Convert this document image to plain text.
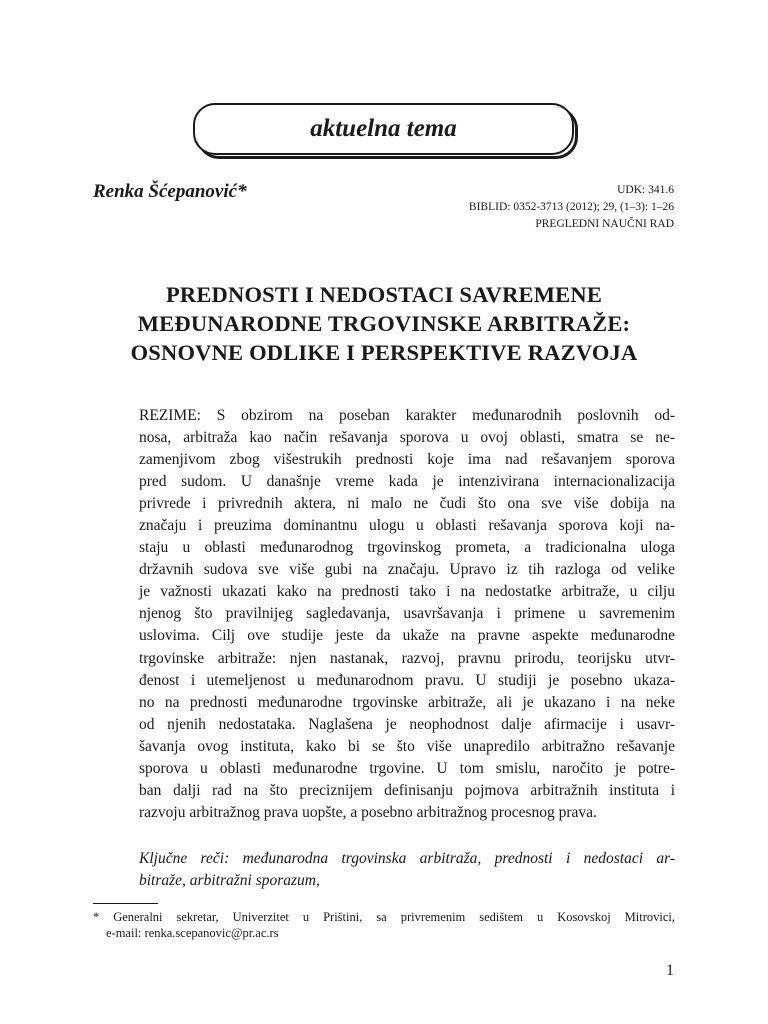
aktuelna tema
Renka Šćepanović*	UDK: 341.6
BIBLID: 0352-3713 (2012); 29, (1–3): 1–26
PREGLEDNI NAUČNI RAD
PREDNOSTI I NEDOSTACI SAVREMENE
MEĐUNARODNE TRGOVINSKE ARBITRAŽE:
OSNOVNE ODLIKE I PERSPEKTIVE RAZVOJA
REZIME: S obzirom na poseban karakter međunarodnih poslovnih od-
nosa, arbitraža kao način rešavanja sporova u ovoj oblasti, smatra se ne-
zamenjivom zbog višestrukih prednosti koje ima nad rešavanjem sporova
pred sudom. U današnje vreme kada je intenzivirana internacionalizacija
privrede i privrednih aktera, ni malo ne čudi što ona sve više dobija na
značaju i preuzima dominantnu ulogu u oblasti rešavanja sporova koji na-
staju u oblasti međunarodnog trgovinskog prometa, a tradicionalna uloga
državnih sudova sve više gubi na značaju. Upravo iz tih razloga od velike
je važnosti ukazati kako na prednosti tako i na nedostatke arbitraže, u cilju
njenog što pravilnijeg sagledavanja, usavršavanja i primene u savremenim
uslovima. Cilj ove studije jeste da ukaže na pravne aspekte međunarodne
trgovinske arbitraže: njen nastanak, razvoj, pravnu prirodu, teorijsku utvr-
đenost i utemeljenost u međunarodnom pravu. U studiji je posebno ukaza-
no na prednosti međunarodne trgovinske arbitraže, ali je ukazano i na neke
od njenih nedostataka. Naglašena je neophodnost dalje afirmacije i usavr-
šavanja ovog instituta, kako bi se što više unapredilo arbitražno rešavanje
sporova u oblasti međunarodne trgovine. U tom smislu, naročito je potre-
ban dalji rad na što preciznijem definisanju pojmova arbitražnih instituta i
razvoju arbitražnog prava uopšte, a posebno arbitražnog procesnog prava.
Ključne reči: međunarodna trgovinska arbitraža, prednosti i nedostaci ar-
bitraže, arbitražni sporazum,
* Generalni sekretar, Univerzitet u Prištini, sa privremenim sedištem u Kosovskoj Mitrovici,
e-mail: renka.scepanovic@pr.ac.rs
1
